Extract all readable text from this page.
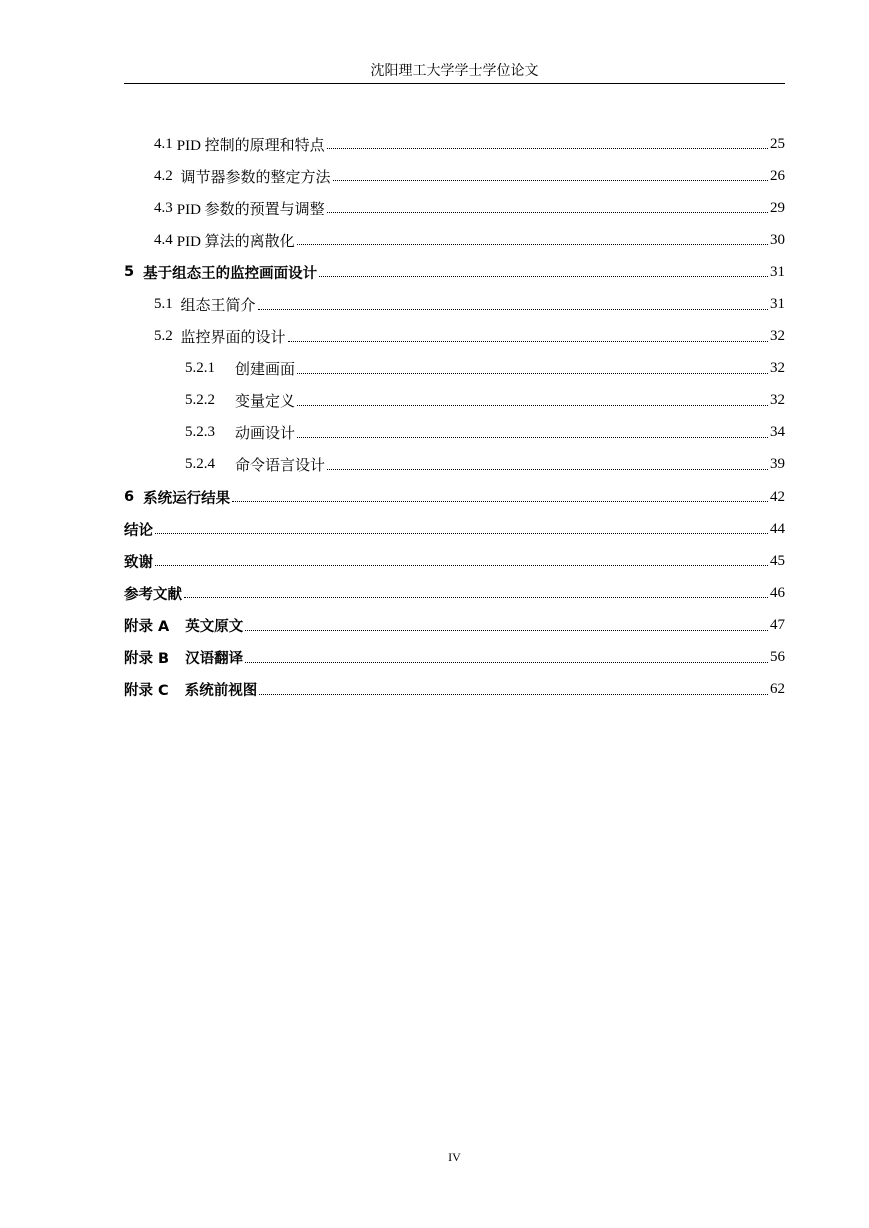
沈阳理工大学学士学位论文
4.1 PID 控制的原理和特点	25
4.2 调节器参数的整定方法	26
4.3 PID 参数的预置与调整	29
4.4 PID 算法的离散化	30
5 基于组态王的监控画面设计	31
5.1 组态王简介	31
5.2 监控界面的设计	32
5.2.1 创建画面	32
5.2.2 变量定义	32
5.2.3 动画设计	34
5.2.4 命令语言设计	39
6 系统运行结果	42
结论	44
致谢	45
参考文献	46
附录 A 英文原文	47
附录 B 汉语翻译	56
附录 C 系统前视图	62
IV
